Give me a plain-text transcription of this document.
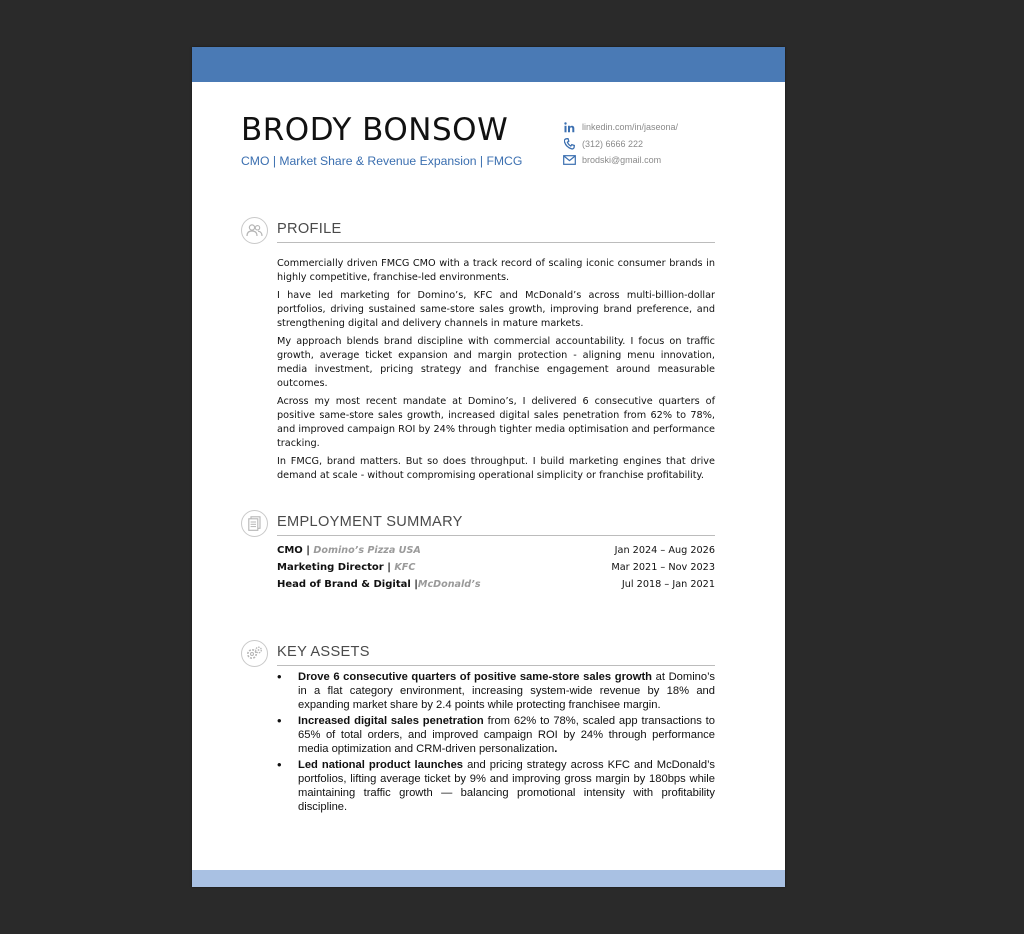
BRODY BONSOW
CMO | Market Share & Revenue Expansion | FMCG
linkedin.com/in/jaseona/
(312) 6666 222
brodski@gmail.com
PROFILE

Commercially driven FMCG CMO with a track record of scaling iconic consumer brands in highly competitive, franchise-led environments.

I have led marketing for Domino’s, KFC and McDonald’s across multi-billion-dollar portfolios, driving sustained same-store sales growth, improving brand preference, and strengthening digital and delivery channels in mature markets.

My approach blends brand discipline with commercial accountability. I focus on traffic growth, average ticket expansion and margin protection - aligning menu innovation, media investment, pricing strategy and franchise engagement around measurable outcomes.

Across my most recent mandate at Domino’s, I delivered 6 consecutive quarters of positive same-store sales growth, increased digital sales penetration from 62% to 78%, and improved campaign ROI by 24% through tighter media optimisation and performance tracking.

In FMCG, brand matters. But so does throughput. I build marketing engines that drive demand at scale - without compromising operational simplicity or franchise profitability.

EMPLOYMENT SUMMARY
CMO | Domino’s Pizza USA	Jan 2024 – Aug 2026
Marketing Director | KFC	Mar 2021 – Nov 2023
Head of Brand & Digital |McDonald’s	Jul 2018 – Jan 2021
KEY ASSETS
• Drove 6 consecutive quarters of positive same-store sales growth at Domino’s in a flat category environment, increasing system-wide revenue by 18% and expanding market share by 2.4 points while protecting franchisee margin.
• Increased digital sales penetration from 62% to 78%, scaled app transactions to 65% of total orders, and improved campaign ROI by 24% through performance media optimization and CRM-driven personalization.
• Led national product launches and pricing strategy across KFC and McDonald’s portfolios, lifting average ticket by 9% and improving gross margin by 180bps while maintaining traffic growth — balancing promotional intensity with profitability discipline.
